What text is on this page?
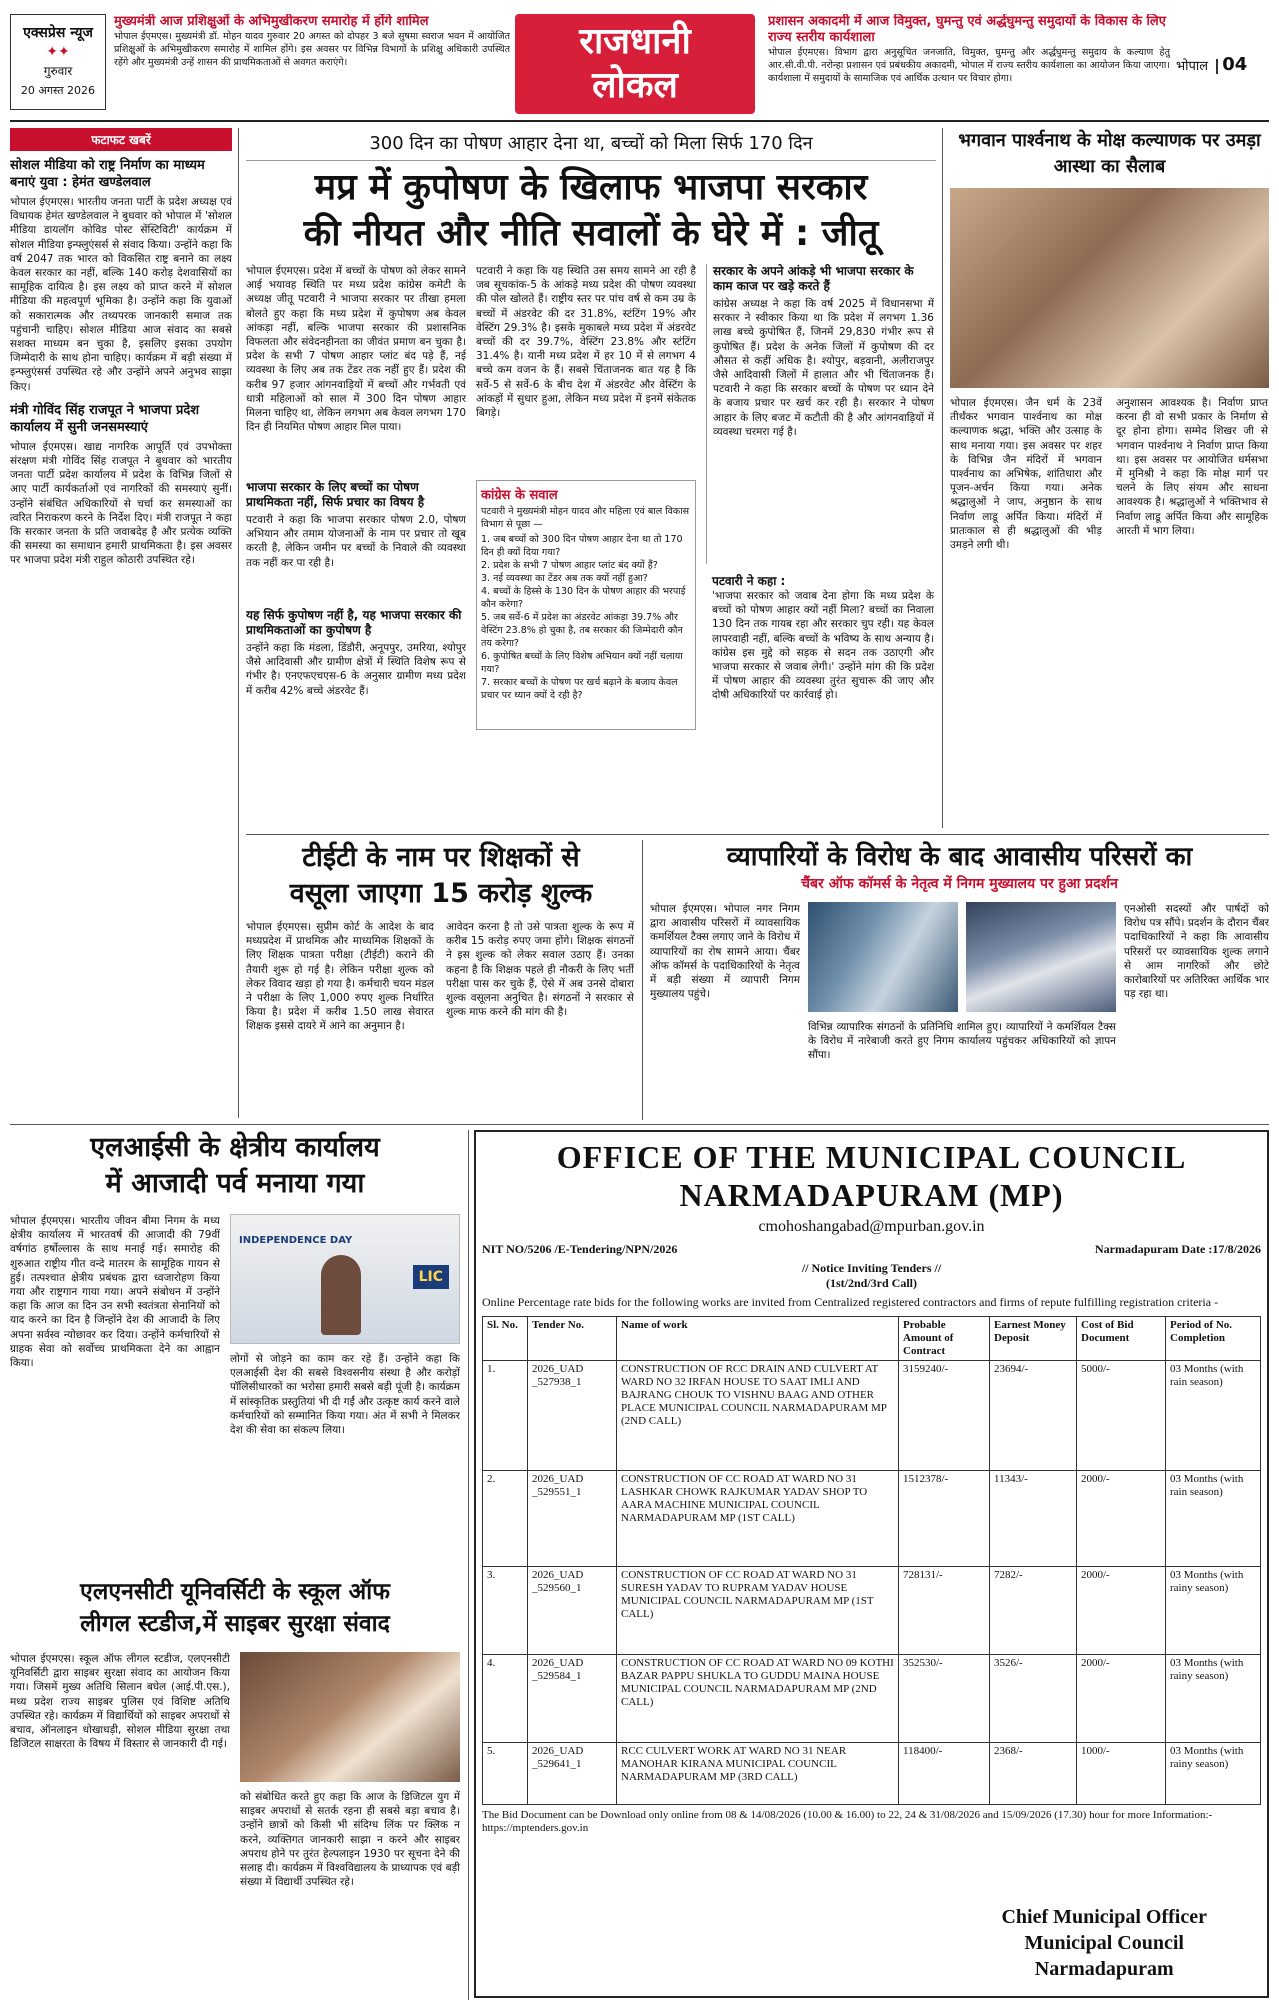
एक्सप्रेस न्यूज
✦✦
गुरुवार
20 अगस्त 2026
मुख्यमंत्री आज प्रशिक्षुओं के अभिमुखीकरण समारोह में होंगे शामिल
भोपाल ईएमएस। मुख्यमंत्री डॉ. मोहन यादव गुरुवार 20 अगस्त को दोपहर 3 बजे सुषमा स्वराज भवन में आयोजित प्रशिक्षुओं के अभिमुखीकरण समारोह में शामिल होंगे। इस अवसर पर विभिन्न विभागों के प्रशिक्षु अधिकारी उपस्थित रहेंगे और मुख्यमंत्री उन्हें शासन की प्राथमिकताओं से अवगत कराएंगे।
राजधानी
लोकल
प्रशासन अकादमी में आज विमुक्त, घुमन्तु एवं अर्द्धघुमन्तु समुदायों के विकास के लिए राज्य स्तरीय कार्यशाला
भोपाल ईएमएस। विभाग द्वारा अनुसूचित जनजाति, विमुक्त, घुमन्तु और अर्द्धघुमन्तु समुदाय के कल्याण हेतु आर.सी.वी.पी. नरोन्हा प्रशासन एवं प्रबंधकीय अकादमी, भोपाल में राज्य स्तरीय कार्यशाला का आयोजन किया जाएगा। कार्यशाला में समुदायों के सामाजिक एवं आर्थिक उत्थान पर विचार होगा।
भोपाल 04
फटाफट खबरें
सोशल मीडिया को राष्ट्र निर्माण का माध्यम बनाएं युवा : हेमंत खण्डेलवाल
भोपाल ईएमएस। भारतीय जनता पार्टी के प्रदेश अध्यक्ष एवं विधायक हेमंत खण्डेलवाल ने बुधवार को भोपाल में 'सोशल मीडिया डायलॉग कोविड पोस्ट सेंस्टिविटी' कार्यक्रम में सोशल मीडिया इन्फ्लुएंसर्स से संवाद किया। उन्होंने कहा कि वर्ष 2047 तक भारत को विकसित राष्ट्र बनाने का लक्ष्य केवल सरकार का नहीं, बल्कि 140 करोड़ देशवासियों का सामूहिक दायित्व है। इस लक्ष्य को प्राप्त करने में सोशल मीडिया की महत्वपूर्ण भूमिका है। उन्होंने कहा कि युवाओं को सकारात्मक और तथ्यपरक जानकारी समाज तक पहुंचानी चाहिए। सोशल मीडिया आज संवाद का सबसे सशक्त माध्यम बन चुका है, इसलिए इसका उपयोग जिम्मेदारी के साथ होना चाहिए। कार्यक्रम में बड़ी संख्या में इन्फ्लुएंसर्स उपस्थित रहे और उन्होंने अपने अनुभव साझा किए।
मंत्री गोविंद सिंह राजपूत ने भाजपा प्रदेश कार्यालय में सुनी जनसमस्याएं
भोपाल ईएमएस। खाद्य नागरिक आपूर्ति एवं उपभोक्ता संरक्षण मंत्री गोविंद सिंह राजपूत ने बुधवार को भारतीय जनता पार्टी प्रदेश कार्यालय में प्रदेश के विभिन्न जिलों से आए पार्टी कार्यकर्ताओं एवं नागरिकों की समस्याएं सुनीं। उन्होंने संबंधित अधिकारियों से चर्चा कर समस्याओं का त्वरित निराकरण करने के निर्देश दिए। मंत्री राजपूत ने कहा कि सरकार जनता के प्रति जवाबदेह है और प्रत्येक व्यक्ति की समस्या का समाधान हमारी प्राथमिकता है। इस अवसर पर भाजपा प्रदेश मंत्री राहुल कोठारी उपस्थित रहे।
300 दिन का पोषण आहार देना था, बच्चों को मिला सिर्फ 170 दिन
मप्र में कुपोषण के खिलाफ भाजपा सरकार
की नीयत और नीति सवालों के घेरे में : जीतू
भोपाल ईएमएस। प्रदेश में बच्चों के पोषण को लेकर सामने आई भयावह स्थिति पर मध्य प्रदेश कांग्रेस कमेटी के अध्यक्ष जीतू पटवारी ने भाजपा सरकार पर तीखा हमला बोलते हुए कहा कि मध्य प्रदेश में कुपोषण अब केवल आंकड़ा नहीं, बल्कि भाजपा सरकार की प्रशासनिक विफलता और संवेदनहीनता का जीवंत प्रमाण बन चुका है। प्रदेश के सभी 7 पोषण आहार प्लांट बंद पड़े हैं, नई व्यवस्था के लिए अब तक टेंडर तक नहीं हुए हैं। प्रदेश की करीब 97 हजार आंगनवाड़ियों में बच्चों और गर्भवती एवं धात्री महिलाओं को साल में 300 दिन पोषण आहार मिलना चाहिए था, लेकिन लगभग अब केवल लगभग 170 दिन ही नियमित पोषण आहार मिल पाया।
पटवारी ने कहा कि यह स्थिति उस समय सामने आ रही है जब सूचकांक-5 के आंकड़े मध्य प्रदेश की पोषण व्यवस्था की पोल खोलते हैं। राष्ट्रीय स्तर पर पांच वर्ष से कम उम्र के बच्चों में अंडरवेट की दर 31.8%, स्टंटिंग 19% और वेस्टिंग 29.3% है। इसके मुकाबले मध्य प्रदेश में अंडरवेट बच्चों की दर 39.7%, वेस्टिंग 23.8% और स्टंटिंग 31.4% है। यानी मध्य प्रदेश में हर 10 में से लगभग 4 बच्चे कम वजन के हैं। सबसे चिंताजनक बात यह है कि सर्वे-5 से सर्वे-6 के बीच देश में अंडरवेट और वेस्टिंग के आंकड़ों में सुधार हुआ, लेकिन मध्य प्रदेश में इनमें संकेतक बिगड़े।
सरकार के अपने आंकड़े भी भाजपा सरकार के काम काज पर खड़े करते हैं
कांग्रेस अध्यक्ष ने कहा कि वर्ष 2025 में विधानसभा में सरकार ने स्वीकार किया था कि प्रदेश में लगभग 1.36 लाख बच्चे कुपोषित हैं, जिनमें 29,830 गंभीर रूप से कुपोषित हैं। प्रदेश के अनेक जिलों में कुपोषण की दर औसत से कहीं अधिक है। श्योपुर, बड़वानी, अलीराजपुर जैसे आदिवासी जिलों में हालात और भी चिंताजनक हैं। पटवारी ने कहा कि सरकार बच्चों के पोषण पर ध्यान देने के बजाय प्रचार पर खर्च कर रही है। सरकार ने पोषण आहार के लिए बजट में कटौती की है और आंगनवाड़ियों में व्यवस्था चरमरा गई है।
भाजपा सरकार के लिए बच्चों का पोषण प्राथमिकता नहीं, सिर्फ प्रचार का विषय है
पटवारी ने कहा कि भाजपा सरकार पोषण 2.0, पोषण अभियान और तमाम योजनाओं के नाम पर प्रचार तो खूब करती है, लेकिन जमीन पर बच्चों के निवाले की व्यवस्था तक नहीं कर पा रही है।
यह सिर्फ कुपोषण नहीं है, यह भाजपा सरकार की प्राथमिकताओं का कुपोषण है
उन्होंने कहा कि मंडला, डिंडौरी, अनूपपुर, उमरिया, श्योपुर जैसे आदिवासी और ग्रामीण क्षेत्रों में स्थिति विशेष रूप से गंभीर है। एनएफएचएस-6 के अनुसार ग्रामीण मध्य प्रदेश में करीब 42% बच्चे अंडरवेट हैं।
कांग्रेस के सवाल
पटवारी ने मुख्यमंत्री मोहन यादव और महिला एवं बाल विकास विभाग से पूछा —
1. जब बच्चों को 300 दिन पोषण आहार देना था तो 170 दिन ही क्यों दिया गया?
2. प्रदेश के सभी 7 पोषण आहार प्लांट बंद क्यों हैं?
3. नई व्यवस्था का टेंडर अब तक क्यों नहीं हुआ?
4. बच्चों के हिस्से के 130 दिन के पोषण आहार की भरपाई कौन करेगा?
5. जब सर्वे-6 में प्रदेश का अंडरवेट आंकड़ा 39.7% और वेस्टिंग 23.8% हो चुका है, तब सरकार की जिम्मेदारी कौन तय करेगा?
6. कुपोषित बच्चों के लिए विशेष अभियान क्यों नहीं चलाया गया?
7. सरकार बच्चों के पोषण पर खर्च बढ़ाने के बजाय केवल प्रचार पर ध्यान क्यों दे रही है?
पटवारी ने कहा :
'भाजपा सरकार को जवाब देना होगा कि मध्य प्रदेश के बच्चों को पोषण आहार क्यों नहीं मिला? बच्चों का निवाला 130 दिन तक गायब रहा और सरकार चुप रही। यह केवल लापरवाही नहीं, बल्कि बच्चों के भविष्य के साथ अन्याय है। कांग्रेस इस मुद्दे को सड़क से सदन तक उठाएगी और भाजपा सरकार से जवाब लेगी।' उन्होंने मांग की कि प्रदेश में पोषण आहार की व्यवस्था तुरंत सुचारू की जाए और दोषी अधिकारियों पर कार्रवाई हो।
भगवान पार्श्वनाथ के मोक्ष कल्याणक पर उमड़ा आस्था का सैलाब
भोपाल ईएमएस। जैन धर्म के 23वें तीर्थंकर भगवान पार्श्वनाथ का मोक्ष कल्याणक श्रद्धा, भक्ति और उत्साह के साथ मनाया गया। इस अवसर पर शहर के विभिन्न जैन मंदिरों में भगवान पार्श्वनाथ का अभिषेक, शांतिधारा और पूजन-अर्चन किया गया। अनेक श्रद्धालुओं ने जाप, अनुष्ठान के साथ निर्वाण लाडू अर्पित किया। मंदिरों में प्रातःकाल से ही श्रद्धालुओं की भीड़ उमड़ने लगी थी।
अनुशासन आवश्यक है। निर्वाण प्राप्त करना ही वो सभी प्रकार के निर्माण से दूर होना होगा। सम्मेद शिखर जी से भगवान पार्श्वनाथ ने निर्वाण प्राप्त किया था। इस अवसर पर आयोजित धर्मसभा में मुनिश्री ने कहा कि मोक्ष मार्ग पर चलने के लिए संयम और साधना आवश्यक है। श्रद्धालुओं ने भक्तिभाव से निर्वाण लाडू अर्पित किया और सामूहिक आरती में भाग लिया।
टीईटी के नाम पर शिक्षकों से
वसूला जाएगा 15 करोड़ शुल्क
भोपाल ईएमएस। सुप्रीम कोर्ट के आदेश के बाद मध्यप्रदेश में प्राथमिक और माध्यमिक शिक्षकों के लिए शिक्षक पात्रता परीक्षा (टीईटी) कराने की तैयारी शुरू हो गई है। लेकिन परीक्षा शुल्क को लेकर विवाद खड़ा हो गया है। कर्मचारी चयन मंडल ने परीक्षा के लिए 1,000 रुपए शुल्क निर्धारित किया है। प्रदेश में करीब 1.50 लाख सेवारत शिक्षक इससे दायरे में आने का अनुमान है।
आवेदन करना है तो उसे पात्रता शुल्क के रूप में करीब 15 करोड़ रुपए जमा होंगे। शिक्षक संगठनों ने इस शुल्क को लेकर सवाल उठाए हैं। उनका कहना है कि शिक्षक पहले ही नौकरी के लिए भर्ती परीक्षा पास कर चुके हैं, ऐसे में अब उनसे दोबारा शुल्क वसूलना अनुचित है। संगठनों ने सरकार से शुल्क माफ करने की मांग की है।
व्यापारियों के विरोध के बाद आवासीय परिसरों का
चैंबर ऑफ कॉमर्स के नेतृत्व में निगम मुख्यालय पर हुआ प्रदर्शन
भोपाल ईएमएस। भोपाल नगर निगम द्वारा आवासीय परिसरों में व्यावसायिक कमर्शियल टैक्स लगाए जाने के विरोध में व्यापारियों का रोष सामने आया। चैंबर ऑफ कॉमर्स के पदाधिकारियों के नेतृत्व में बड़ी संख्या में व्यापारी निगम मुख्यालय पहुंचे।
विभिन्न व्यापारिक संगठनों के प्रतिनिधि शामिल हुए। व्यापारियों ने कमर्शियल टैक्स के विरोध में नारेबाजी करते हुए निगम कार्यालय पहुंचकर अधिकारियों को ज्ञापन सौंपा।
एनओसी सदस्यों और पार्षदों को विरोध पत्र सौंपे। प्रदर्शन के दौरान चैंबर पदाधिकारियों ने कहा कि आवासीय परिसरों पर व्यावसायिक शुल्क लगाने से आम नागरिकों और छोटे कारोबारियों पर अतिरिक्त आर्थिक भार पड़ रहा था।
एलआईसी के क्षेत्रीय कार्यालय
में आजादी पर्व मनाया गया
भोपाल ईएमएस। भारतीय जीवन बीमा निगम के मध्य क्षेत्रीय कार्यालय में भारतवर्ष की आजादी की 79वीं वर्षगांठ हर्षोल्लास के साथ मनाई गई। समारोह की शुरुआत राष्ट्रीय गीत वन्दे मातरम के सामूहिक गायन से हुई। तत्पश्चात क्षेत्रीय प्रबंधक द्वारा ध्वजारोहण किया गया और राष्ट्रगान गाया गया। अपने संबोधन में उन्होंने कहा कि आज का दिन उन सभी स्वतंत्रता सेनानियों को याद करने का दिन है जिन्होंने देश की आजादी के लिए अपना सर्वस्व न्योछावर कर दिया। उन्होंने कर्मचारियों से ग्राहक सेवा को सर्वोच्च प्राथमिकता देने का आह्वान किया।
INDEPENDENCE DAY
LIC
लोगों से जोड़ने का काम कर रहे हैं। उन्होंने कहा कि एलआईसी देश की सबसे विश्वसनीय संस्था है और करोड़ों पॉलिसीधारकों का भरोसा हमारी सबसे बड़ी पूंजी है। कार्यक्रम में सांस्कृतिक प्रस्तुतियां भी दी गईं और उत्कृष्ट कार्य करने वाले कर्मचारियों को सम्मानित किया गया। अंत में सभी ने मिलकर देश की सेवा का संकल्प लिया।
एलएनसीटी यूनिवर्सिटी के स्कूल ऑफ
लीगल स्टडीज,में साइबर सुरक्षा संवाद
भोपाल ईएमएस। स्कूल ऑफ लीगल स्टडीज, एलएनसीटी यूनिवर्सिटी द्वारा साइबर सुरक्षा संवाद का आयोजन किया गया। जिसमें मुख्य अतिथि सिलान बघेल (आई.पी.एस.), मध्य प्रदेश राज्य साइबर पुलिस एवं विशिष्ट अतिथि उपस्थित रहे। कार्यक्रम में विद्यार्थियों को साइबर अपराधों से बचाव, ऑनलाइन धोखाधड़ी, सोशल मीडिया सुरक्षा तथा डिजिटल साक्षरता के विषय में विस्तार से जानकारी दी गई।
को संबोधित करते हुए कहा कि आज के डिजिटल युग में साइबर अपराधों से सतर्क रहना ही सबसे बड़ा बचाव है। उन्होंने छात्रों को किसी भी संदिग्ध लिंक पर क्लिक न करने, व्यक्तिगत जानकारी साझा न करने और साइबर अपराध होने पर तुरंत हेल्पलाइन 1930 पर सूचना देने की सलाह दी। कार्यक्रम में विश्वविद्यालय के प्राध्यापक एवं बड़ी संख्या में विद्यार्थी उपस्थित रहे।
OFFICE OF THE MUNICIPAL COUNCIL
NARMADAPURAM (MP)
cmohoshangabad@mpurban.gov.in
NIT NO/5206 /E-Tendering/NPN/2026	Narmadapuram Date :17/8/2026
// Notice Inviting Tenders //
(1st/2nd/3rd Call)
Online Percentage rate bids for the following works are invited from Centralized registered contractors and firms of repute fulfilling registration criteria -
Sl. No.	Tender No.	Name of work	Probable Amount of Contract	Earnest Money Deposit	Cost of Bid Document	Period of No. Completion
1.	2026_UAD _527938_1	CONSTRUCTION OF RCC DRAIN AND CULVERT AT WARD NO 32 IRFAN HOUSE TO SAAT IMLI AND BAJRANG CHOUK TO VISHNU BAAG AND OTHER PLACE MUNICIPAL COUNCIL NARMADAPURAM MP (2ND CALL)	3159240/-	23694/-	5000/-	03 Months (with rain season)
2.	2026_UAD _529551_1	CONSTRUCTION OF CC ROAD AT WARD NO 31 LASHKAR CHOWK RAJKUMAR YADAV SHOP TO AARA MACHINE MUNICIPAL COUNCIL NARMADAPURAM MP (1ST CALL)	1512378/-	11343/-	2000/-	03 Months (with rain season)
3.	2026_UAD _529560_1	CONSTRUCTION OF CC ROAD AT WARD NO 31 SURESH YADAV TO RUPRAM YADAV HOUSE MUNICIPAL COUNCIL NARMADAPURAM MP (1ST CALL)	728131/-	7282/-	2000/-	03 Months (with rainy season)
4.	2026_UAD _529584_1	CONSTRUCTION OF CC ROAD AT WARD NO 09 KOTHI BAZAR PAPPU SHUKLA TO GUDDU MAINA HOUSE MUNICIPAL COUNCIL NARMADAPURAM MP (2ND CALL)	352530/-	3526/-	2000/-	03 Months (with rainy season)
5.	2026_UAD _529641_1	RCC CULVERT WORK AT WARD NO 31 NEAR MANOHAR KIRANA MUNICIPAL COUNCIL NARMADAPURAM MP (3RD CALL)	118400/-	2368/-	1000/-	03 Months (with rainy season)
The Bid Document can be Download only online from 08 & 14/08/2026 (10.00 & 16.00) to 22, 24 & 31/08/2026 and 15/09/2026 (17.30) hour for more Information:-https://mptenders.gov.in
Chief Municipal Officer
Municipal Council
Narmadapuram
